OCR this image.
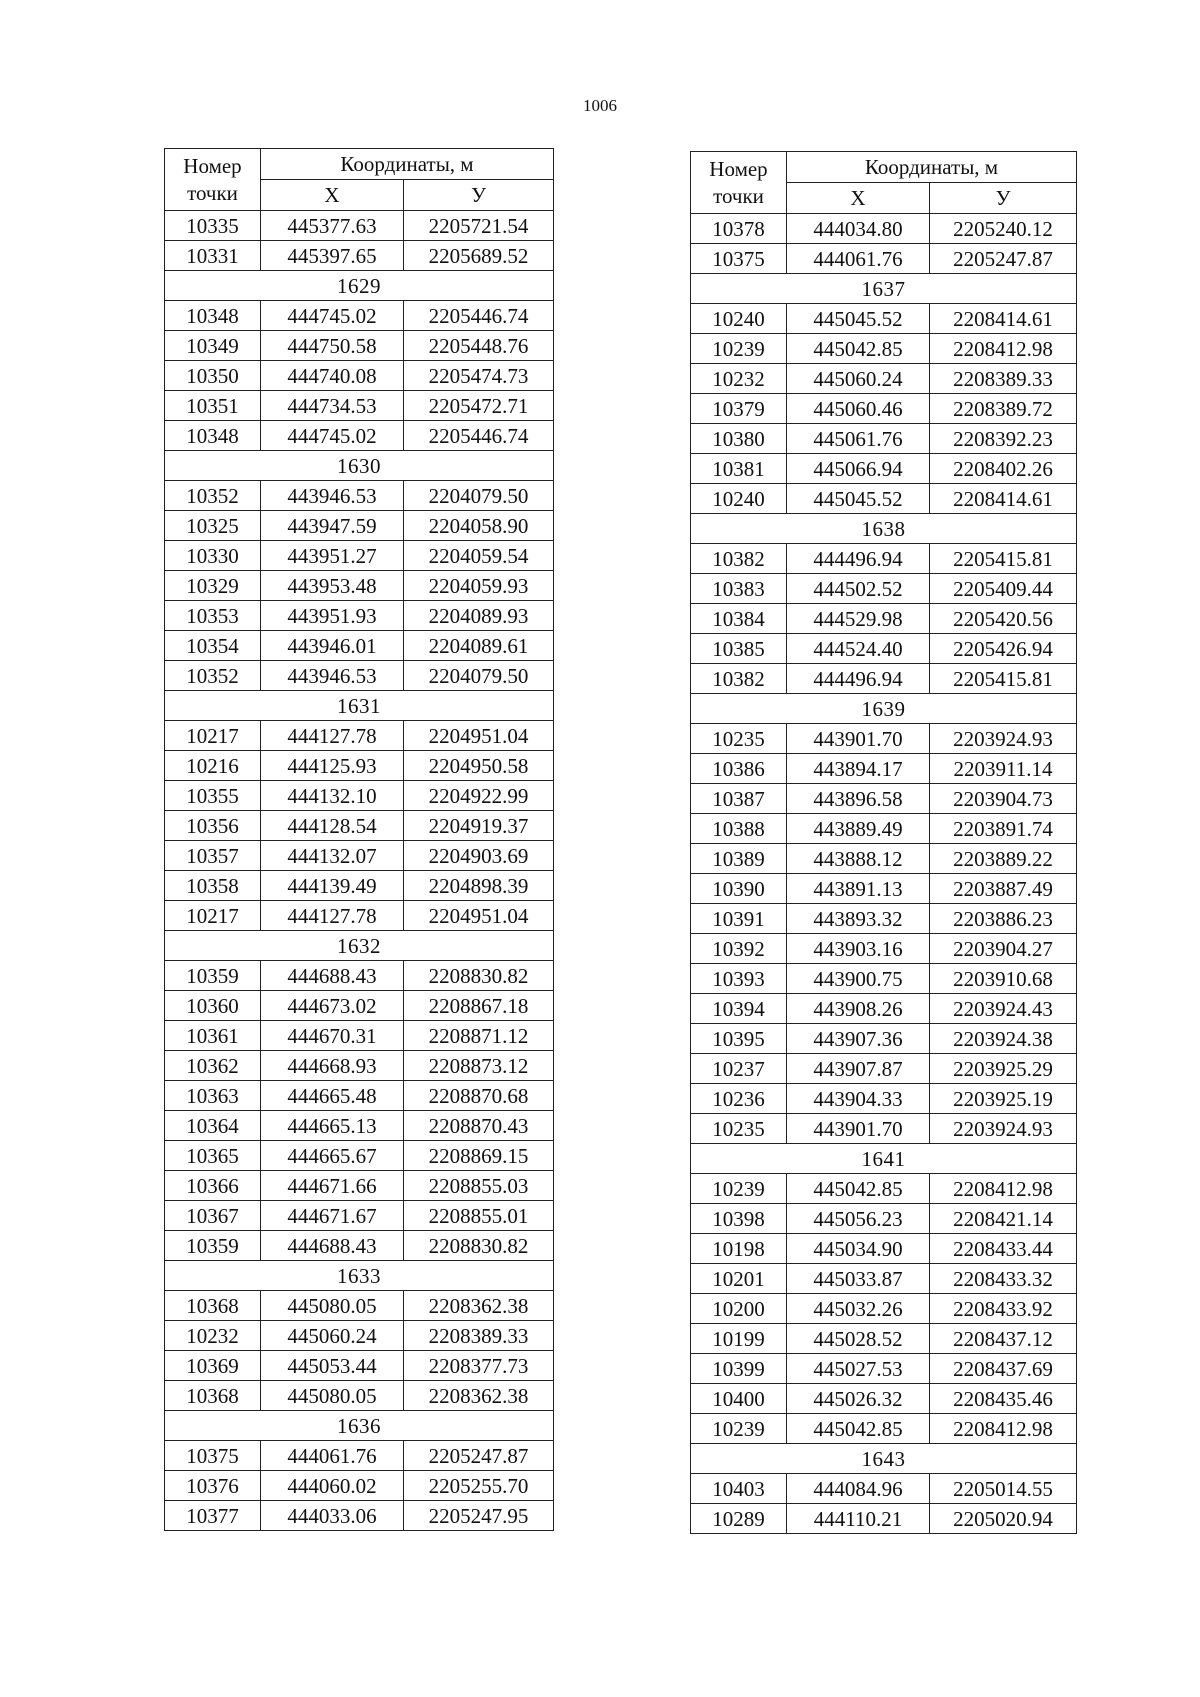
1006
Номер
точки	Координаты, м	
	Х	У
10335	445377.63	2205721.54
10331	445397.65	2205689.52
1629		
10348	444745.02	2205446.74
10349	444750.58	2205448.76
10350	444740.08	2205474.73
10351	444734.53	2205472.71
10348	444745.02	2205446.74
1630		
10352	443946.53	2204079.50
10325	443947.59	2204058.90
10330	443951.27	2204059.54
10329	443953.48	2204059.93
10353	443951.93	2204089.93
10354	443946.01	2204089.61
10352	443946.53	2204079.50
1631		
10217	444127.78	2204951.04
10216	444125.93	2204950.58
10355	444132.10	2204922.99
10356	444128.54	2204919.37
10357	444132.07	2204903.69
10358	444139.49	2204898.39
10217	444127.78	2204951.04
1632		
10359	444688.43	2208830.82
10360	444673.02	2208867.18
10361	444670.31	2208871.12
10362	444668.93	2208873.12
10363	444665.48	2208870.68
10364	444665.13	2208870.43
10365	444665.67	2208869.15
10366	444671.66	2208855.03
10367	444671.67	2208855.01
10359	444688.43	2208830.82
1633		
10368	445080.05	2208362.38
10232	445060.24	2208389.33
10369	445053.44	2208377.73
10368	445080.05	2208362.38
1636		
10375	444061.76	2205247.87
10376	444060.02	2205255.70
10377	444033.06	2205247.95
Номер
точки	Координаты, м	
	Х	У
10378	444034.80	2205240.12
10375	444061.76	2205247.87
1637		
10240	445045.52	2208414.61
10239	445042.85	2208412.98
10232	445060.24	2208389.33
10379	445060.46	2208389.72
10380	445061.76	2208392.23
10381	445066.94	2208402.26
10240	445045.52	2208414.61
1638		
10382	444496.94	2205415.81
10383	444502.52	2205409.44
10384	444529.98	2205420.56
10385	444524.40	2205426.94
10382	444496.94	2205415.81
1639		
10235	443901.70	2203924.93
10386	443894.17	2203911.14
10387	443896.58	2203904.73
10388	443889.49	2203891.74
10389	443888.12	2203889.22
10390	443891.13	2203887.49
10391	443893.32	2203886.23
10392	443903.16	2203904.27
10393	443900.75	2203910.68
10394	443908.26	2203924.43
10395	443907.36	2203924.38
10237	443907.87	2203925.29
10236	443904.33	2203925.19
10235	443901.70	2203924.93
1641		
10239	445042.85	2208412.98
10398	445056.23	2208421.14
10198	445034.90	2208433.44
10201	445033.87	2208433.32
10200	445032.26	2208433.92
10199	445028.52	2208437.12
10399	445027.53	2208437.69
10400	445026.32	2208435.46
10239	445042.85	2208412.98
1643		
10403	444084.96	2205014.55
10289	444110.21	2205020.94
